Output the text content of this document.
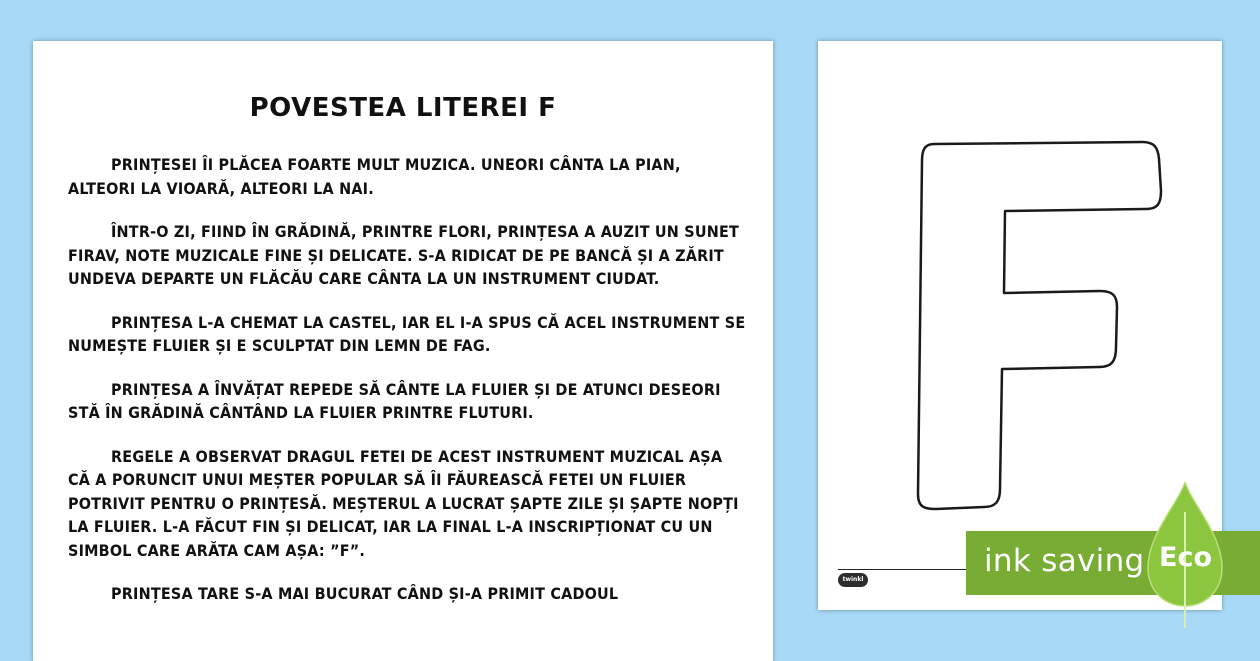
POVESTEA LITEREI F

PRINȚESEI ÎI PLĂCEA FOARTE MULT MUZICA. UNEORI CÂNTA LA PIAN, ALTEORI LA VIOARĂ, ALTEORI LA NAI.

ÎNTR-O ZI, FIIND ÎN GRĂDINĂ, PRINTRE FLORI, PRINȚESA A AUZIT UN SUNET FIRAV, NOTE MUZICALE FINE ȘI DELICATE. S-A RIDICAT DE PE BANCĂ ȘI A ZĂRIT UNDEVA DEPARTE UN FLĂCĂU CARE CÂNTA LA UN INSTRUMENT CIUDAT.

PRINȚESA L-A CHEMAT LA CASTEL, IAR EL I-A SPUS CĂ ACEL INSTRUMENT SE NUMEȘTE FLUIER ȘI E SCULPTAT DIN LEMN DE FAG.

PRINȚESA A ÎNVĂȚAT REPEDE SĂ CÂNTE LA FLUIER ȘI DE ATUNCI DESEORI STĂ ÎN GRĂDINĂ CÂNTÂND LA FLUIER PRINTRE FLUTURI.

REGELE A OBSERVAT DRAGUL FETEI DE ACEST INSTRUMENT MUZICAL AȘA CĂ A PORUNCIT UNUI MEȘTER POPULAR SĂ ÎI FĂUREASCĂ FETEI UN FLUIER POTRIVIT PENTRU O PRINȚESĂ. MEȘTERUL A LUCRAT ȘAPTE ZILE ȘI ȘAPTE NOPȚI LA FLUIER. L-A FĂCUT FIN ȘI DELICAT, IAR LA FINAL L-A INSCRIPȚIONAT CU UN SIMBOL CARE ARĂTA CAM AȘA: ”F”.

PRINȚESA TARE S-A MAI BUCURAT CÂND ȘI-A PRIMIT CADOUL

twinkl
ink saving Eco
